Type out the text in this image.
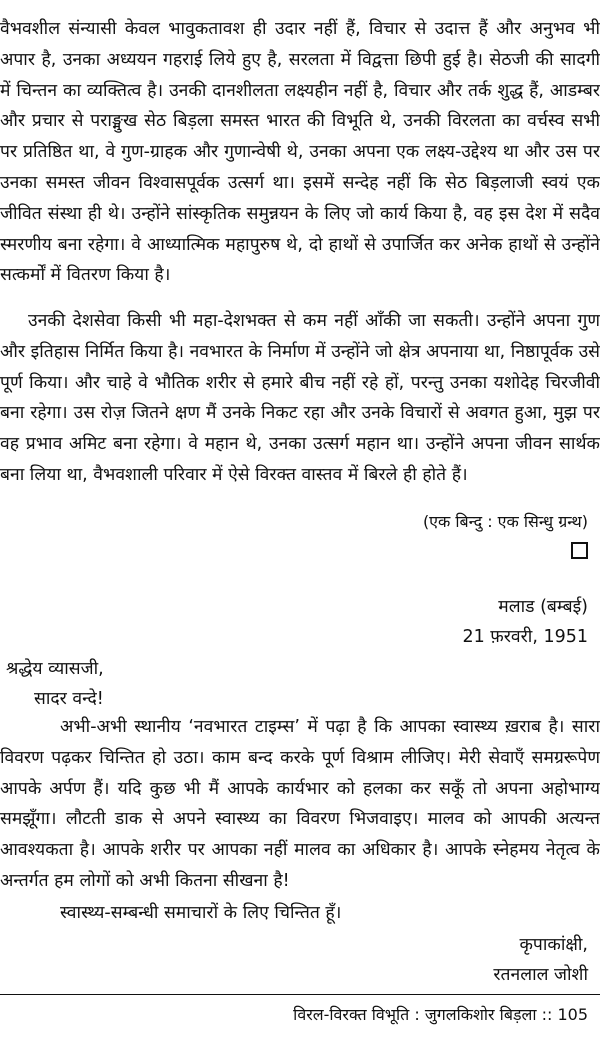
वैभवशील संन्यासी केवल भावुकतावश ही उदार नहीं हैं, विचार से उदात्त हैं और अनुभव भी अपार है, उनका अध्ययन गहराई लिये हुए है, सरलता में विद्वत्ता छिपी हुई है। सेठजी की सादगी में चिन्तन का व्यक्तित्व है। उनकी दानशीलता लक्ष्यहीन नहीं है, विचार और तर्क शुद्ध हैं, आडम्बर और प्रचार से पराङ्मुख सेठ बिड़ला समस्त भारत की विभूति थे, उनकी विरलता का वर्चस्व सभी पर प्रतिष्ठित था, वे गुण-ग्राहक और गुणान्वेषी थे, उनका अपना एक लक्ष्य-उद्देश्य था और उस पर उनका समस्त जीवन विश्वासपूर्वक उत्सर्ग था। इसमें सन्देह नहीं कि सेठ बिड़लाजी स्वयं एक जीवित संस्था ही थे। उन्होंने सांस्कृतिक समुन्नयन के लिए जो कार्य किया है, वह इस देश में सदैव स्मरणीय बना रहेगा। वे आध्यात्मिक महापुरुष थे, दो हाथों से उपार्जित कर अनेक हाथों से उन्होंने सत्कर्मों में वितरण किया है।

उनकी देशसेवा किसी भी महा-देशभक्त से कम नहीं आँकी जा सकती। उन्होंने अपना गुण और इतिहास निर्मित किया है। नवभारत के निर्माण में उन्होंने जो क्षेत्र अपनाया था, निष्ठापूर्वक उसे पूर्ण किया। और चाहे वे भौतिक शरीर से हमारे बीच नहीं रहे हों, परन्तु उनका यशोदेह चिरजीवी बना रहेगा। उस रोज़ जितने क्षण मैं उनके निकट रहा और उनके विचारों से अवगत हुआ, मुझ पर वह प्रभाव अमिट बना रहेगा। वे महान थे, उनका उत्सर्ग महान था। उन्होंने अपना जीवन सार्थक बना लिया था, वैभवशाली परिवार में ऐसे विरक्त वास्तव में बिरले ही होते हैं।

(एक बिन्दु : एक सिन्धु ग्रन्थ)
मलाड (बम्बई)
21 फ़रवरी, 1951
श्रद्धेय व्यासजी,
सादर वन्दे!

अभी-अभी स्थानीय ‘नवभारत टाइम्स’ में पढ़ा है कि आपका स्वास्थ्य ख़राब है। सारा विवरण पढ़कर चिन्तित हो उठा। काम बन्द करके पूर्ण विश्राम लीजिए। मेरी सेवाएँ समग्ररूपेण आपके अर्पण हैं। यदि कुछ भी मैं आपके कार्यभार को हलका कर सकूँ तो अपना अहोभाग्य समझूँगा। लौटती डाक से अपने स्वास्थ्य का विवरण भिजवाइए। मालव को आपकी अत्यन्त आवश्यकता है। आपके शरीर पर आपका नहीं मालव का अधिकार है। आपके स्नेहमय नेतृत्व के अन्तर्गत हम लोगों को अभी कितना सीखना है!

स्वास्थ्य-सम्बन्धी समाचारों के लिए चिन्तित हूँ।

कृपाकांक्षी,
रतनलाल जोशी
विरल-विरक्त विभूति : जुगलकिशोर बिड़ला :: 105
